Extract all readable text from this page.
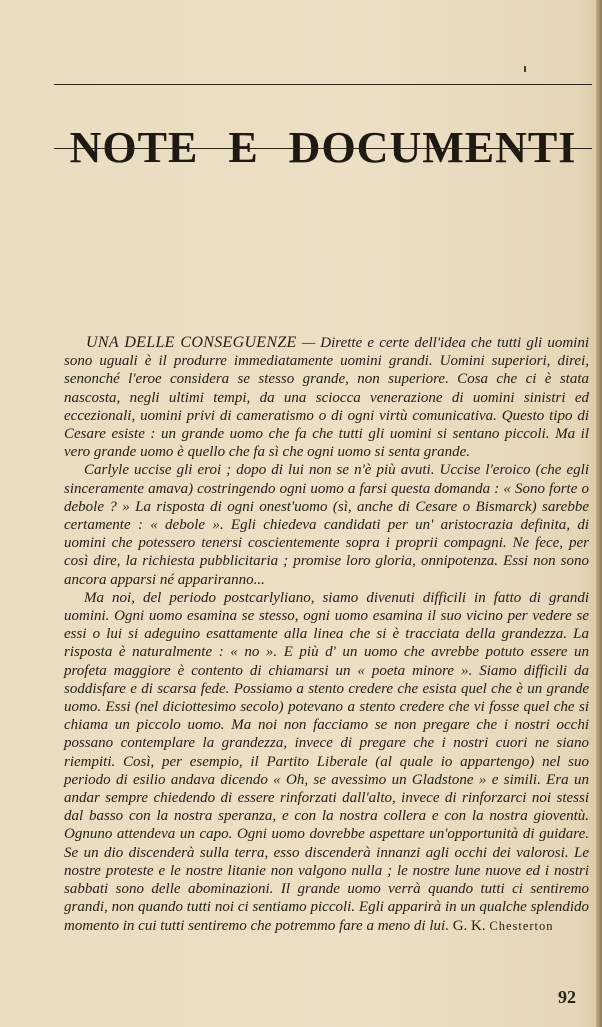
NOTE E DOCUMENTI

UNA DELLE CONSEGUENZE — Dirette e certe dell'idea che tutti gli uomini sono uguali è il produrre immediatamente uomini grandi. Uomini superiori, direi, senonché l'eroe considera se stesso grande, non superiore. Cosa che ci è stata nascosta, negli ultimi tempi, da una sciocca venerazione di uomini sinistri ed eccezionali, uomini privi di cameratismo o di ogni virtù comunicativa. Questo tipo di Cesare esiste : un grande uomo che fa che tutti gli uomini si sentano piccoli. Ma il vero grande uomo è quello che fa sì che ogni uomo si senta grande.

Carlyle uccise gli eroi ; dopo di lui non se n'è più avuti. Uccise l'eroico (che egli sinceramente amava) costringendo ogni uomo a farsi questa domanda : « Sono forte o debole ? » La risposta di ogni onest'uomo (sì, anche di Cesare o Bismarck) sarebbe certamente : « debole ». Egli chiedeva candidati per un' aristocrazia definita, di uomini che potessero tenersi coscientemente sopra i proprii compagni. Ne fece, per così dire, la richiesta pubblicitaria ; promise loro gloria, onnipotenza. Essi non sono ancora apparsi né appariranno...

Ma noi, del periodo postcarlyliano, siamo divenuti difficili in fatto di grandi uomini. Ogni uomo esamina se stesso, ogni uomo esamina il suo vicino per vedere se essi o lui si adeguino esattamente alla linea che si è tracciata della grandezza. La risposta è naturalmente : « no ». E più d' un uomo che avrebbe potuto essere un profeta maggiore è contento di chiamarsi un « poeta minore ». Siamo difficili da soddisfare e di scarsa fede. Possiamo a stento credere che esista quel che è un grande uomo. Essi (nel diciottesimo secolo) potevano a stento credere che vi fosse quel che si chiama un piccolo uomo. Ma noi non facciamo se non pregare che i nostri occhi possano contemplare la grandezza, invece di pregare che i nostri cuori ne siano riempiti. Così, per esempio, il Partito Liberale (al quale io appartengo) nel suo periodo di esilio andava dicendo « Oh, se avessimo un Gladstone » e simili. Era un andar sempre chiedendo di essere rinforzati dall'alto, invece di rinforzarci noi stessi dal basso con la nostra speranza, e con la nostra collera e con la nostra gioventù. Ognuno attendeva un capo. Ogni uomo dovrebbe aspettare un'opportunità di guidare. Se un dio discenderà sulla terra, esso discenderà innanzi agli occhi dei valorosi. Le nostre proteste e le nostre litanie non valgono nulla ; le nostre lune nuove ed i nostri sabbati sono delle abominazioni. Il grande uomo verrà quando tutti ci sentiremo grandi, non quando tutti noi ci sentiamo piccoli. Egli apparirà in un qualche splendido momento in cui tutti sentiremo che potremmo fare a meno di lui. G. K. Chesterton

92
